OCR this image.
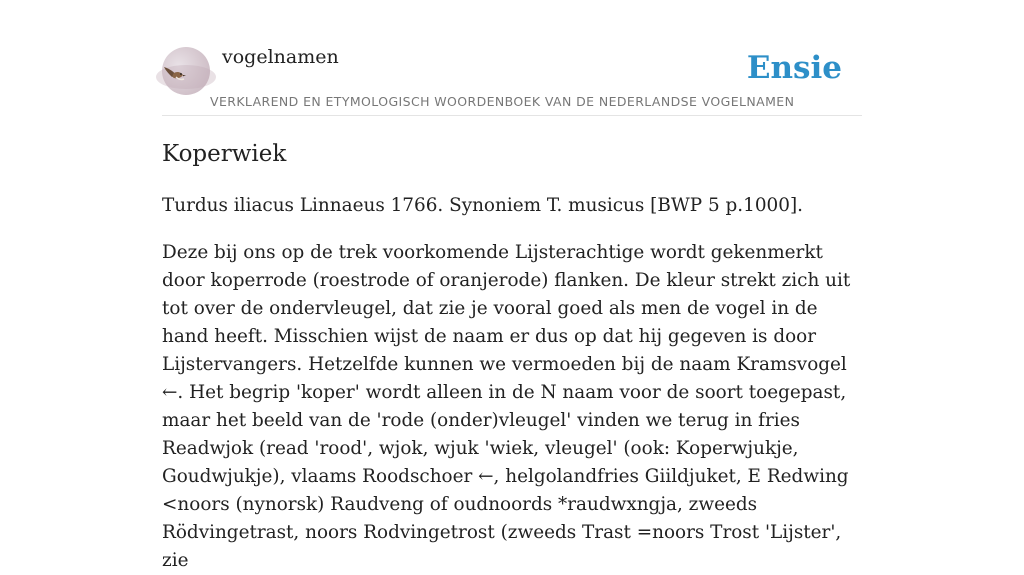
vogelnamen
VERKLAREND EN ETYMOLOGISCH WOORDENBOEK VAN DE NEDERLANDSE VOGELNAMEN
Ensie
Koperwiek

Turdus iliacus Linnaeus 1766. Synoniem T. musicus [BWP 5 p.1000].

Deze bij ons op de trek voorkomende Lijsterachtige wordt gekenmerkt door koperrode (roestrode of oranjerode) flanken. De kleur strekt zich uit tot over de ondervleugel, dat zie je vooral goed als men de vogel in de hand heeft. Misschien wijst de naam er dus op dat hij gegeven is door Lijstervangers. Hetzelfde kunnen we vermoeden bij de naam Kramsvogel ←. Het begrip 'koper' wordt alleen in de N naam voor de soort toegepast, maar het beeld van de 'rode (onder)vleugel' vinden we terug in fries Readwjok (read 'rood', wjok, wjuk 'wiek, vleugel' (ook: Koperwjukje, Goudwjukje), vlaams Roodschoer ←, helgolandfries Giildjuket, E Redwing <noors (nynorsk) Raudveng of oudnoords *raudwxngja, zweeds Rödvingetrast, noors Rodvingetrost (zweeds Trast =noors Trost 'Lijster', zie
